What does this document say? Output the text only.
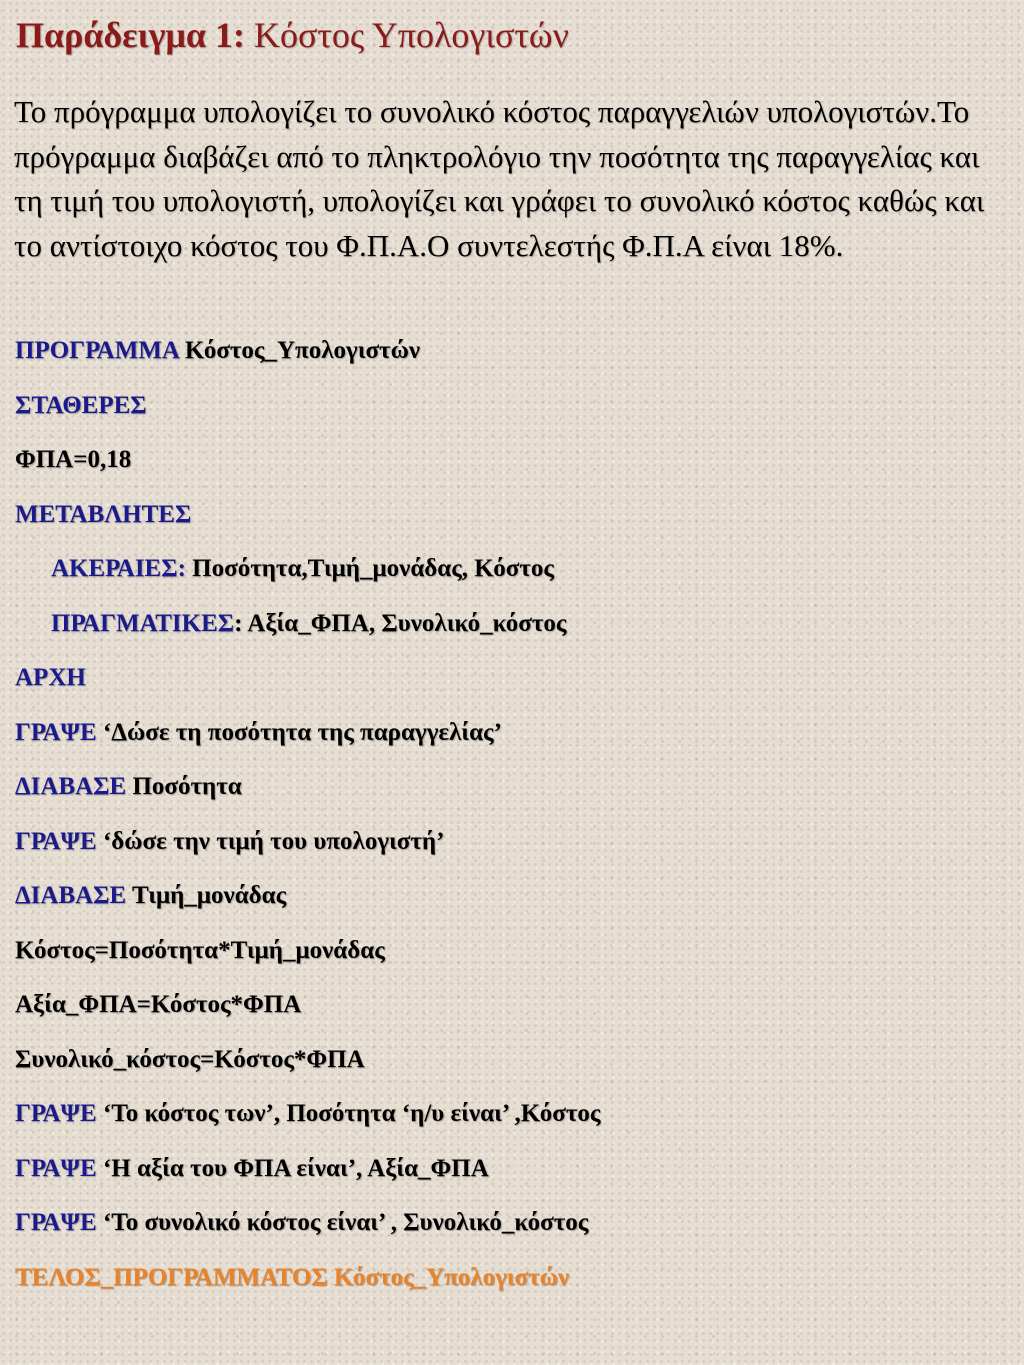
Παράδειγμα 1: Κόστος Υπολογιστών

Το πρόγραμμα υπολογίζει το συνολικό κόστος παραγγελιών υπολογιστών.Το πρόγραμμα διαβάζει από το πληκτρολόγιο την ποσότητα της παραγγελίας και τη τιμή του υπολογιστή, υπολογίζει και γράφει το συνολικό κόστος καθώς και το αντίστοιχο κόστος του Φ.Π.Α.Ο συντελεστής Φ.Π.Α είναι 18%.

ΠΡΟΓΡΑΜΜΑ Κόστος_Υπολογιστών
ΣΤΑΘΕΡΕΣ
ΦΠΑ=0,18
ΜΕΤΑΒΛΗΤΕΣ
ΑΚΕΡΑΙΕΣ: Ποσότητα,Τιμή_μονάδας, Κόστος
ΠΡΑΓΜΑΤΙΚΕΣ: Αξία_ΦΠΑ, Συνολικό_κόστος
ΑΡΧΗ
ΓΡΑΨΕ ‘Δώσε τη ποσότητα της παραγγελίας’
ΔΙΑΒΑΣΕ Ποσότητα
ΓΡΑΨΕ ‘δώσε την τιμή του υπολογιστή’
ΔΙΑΒΑΣΕ Τιμή_μονάδας
Κόστος=Ποσότητα*Τιμή_μονάδας
Αξία_ΦΠΑ=Κόστος*ΦΠΑ
Συνολικό_κόστος=Κόστος*ΦΠΑ
ΓΡΑΨΕ ‘Το κόστος των’, Ποσότητα ‘η/υ είναι’ ,Κόστος
ΓΡΑΨΕ ‘Η αξία του ΦΠΑ είναι’, Αξία_ΦΠΑ
ΓΡΑΨΕ ‘Το συνολικό κόστος είναι’ , Συνολικό_κόστος
ΤΕΛΟΣ_ΠΡΟΓΡΑΜΜΑΤΟΣ Κόστος_Υπολογιστών
